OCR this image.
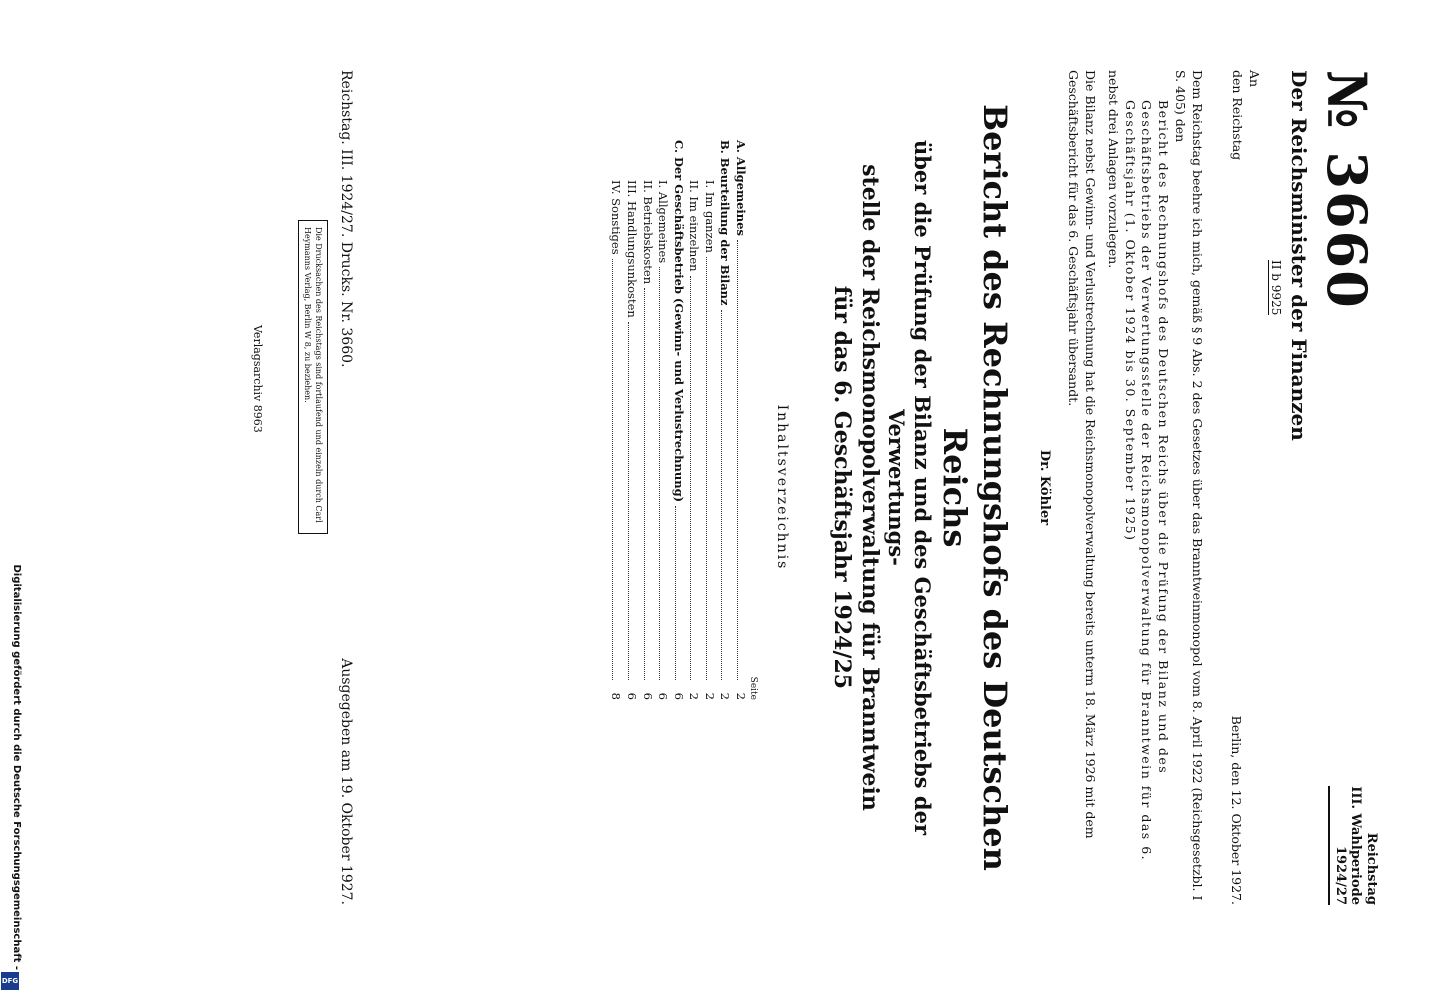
№ 3660
Reichstag
III. Wahlperiode
1924/27
Der Reichsminister der Finanzen
II b 9925

An

den Reichstag

Berlin, den 12. Oktober 1927.

Dem Reichstag beehre ich mich, gemäß § 9 Abs. 2 des Gesetzes über das Branntweinmonopol vom 8. April 1922 (Reichsgesetzbl. I S. 405) den

Bericht des Rechnungshofs des Deutschen Reichs über die Prüfung der Bilanz und des Geschäftsbetriebs der Verwertungsstelle der Reichsmonopolverwaltung für Branntwein für das 6. Geschäftsjahr (1. Oktober 1924 bis 30. September 1925)

nebst drei Anlagen vorzulegen.

Die Bilanz nebst Gewinn- und Verlustrechnung hat die Reichsmonopolverwaltung bereits unterm 18. März 1926 mit dem Geschäftsbericht für das 6. Geschäftsjahr übersandt.

Dr. Köhler
Bericht des Rechnungshofs des Deutschen Reichs
über die Prüfung der Bilanz und des Geschäftsbetriebs der Verwertungs-
stelle der Reichsmonopolverwaltung für Branntwein
für das 6. Geschäftsjahr 1924/25
Inhaltsverzeichnis
Seite
A. Allgemeines
2
B. Beurteilung der Bilanz
2
I. Im ganzen
2
II. Im einzelnen
2
C. Der Geschäftsbetrieb (Gewinn- und Verlustrechnung)
6
I. Allgemeines
6
II. Betriebskosten
6
III. Handlungsunkosten
6
IV. Sonstiges
8
Reichstag. III. 1924/27. Drucks. Nr. 3660.
Ausgegeben am 19. Oktober 1927.
Die Drucksachen des Reichstags sind fortlaufend und einzeln durch Carl Heymanns Verlag, Berlin W 8, zu beziehen.
Verlagsarchiv 8963
Digitalisierung gefördert durch die Deutsche Forschungsgemeinschaft -
DFG
